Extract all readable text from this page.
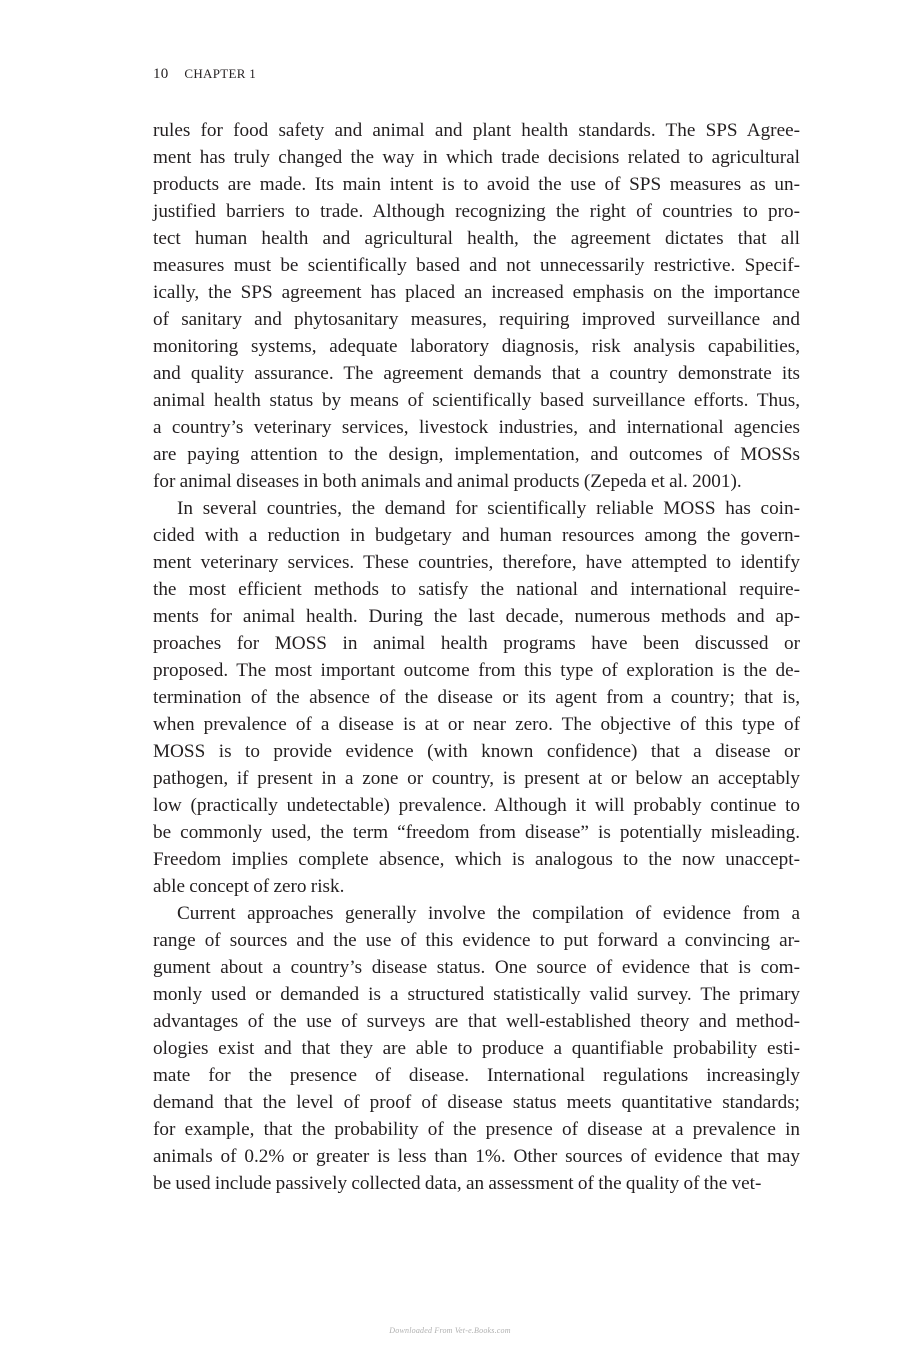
10 CHAPTER 1
rules for food safety and animal and plant health standards. The SPS Agree-
ment has truly changed the way in which trade decisions related to agricultural
products are made. Its main intent is to avoid the use of SPS measures as un-
justified barriers to trade. Although recognizing the right of countries to pro-
tect human health and agricultural health, the agreement dictates that all
measures must be scientifically based and not unnecessarily restrictive. Specif-
ically, the SPS agreement has placed an increased emphasis on the importance
of sanitary and phytosanitary measures, requiring improved surveillance and
monitoring systems, adequate laboratory diagnosis, risk analysis capabilities,
and quality assurance. The agreement demands that a country demonstrate its
animal health status by means of scientifically based surveillance efforts. Thus,
a country’s veterinary services, livestock industries, and international agencies
are paying attention to the design, implementation, and outcomes of MOSSs
for animal diseases in both animals and animal products (Zepeda et al. 2001).
In several countries, the demand for scientifically reliable MOSS has coin-
cided with a reduction in budgetary and human resources among the govern-
ment veterinary services. These countries, therefore, have attempted to identify
the most efficient methods to satisfy the national and international require-
ments for animal health. During the last decade, numerous methods and ap-
proaches for MOSS in animal health programs have been discussed or
proposed. The most important outcome from this type of exploration is the de-
termination of the absence of the disease or its agent from a country; that is,
when prevalence of a disease is at or near zero. The objective of this type of
MOSS is to provide evidence (with known confidence) that a disease or
pathogen, if present in a zone or country, is present at or below an acceptably
low (practically undetectable) prevalence. Although it will probably continue to
be commonly used, the term “freedom from disease” is potentially misleading.
Freedom implies complete absence, which is analogous to the now unaccept-
able concept of zero risk.
Current approaches generally involve the compilation of evidence from a
range of sources and the use of this evidence to put forward a convincing ar-
gument about a country’s disease status. One source of evidence that is com-
monly used or demanded is a structured statistically valid survey. The primary
advantages of the use of surveys are that well-established theory and method-
ologies exist and that they are able to produce a quantifiable probability esti-
mate for the presence of disease. International regulations increasingly
demand that the level of proof of disease status meets quantitative standards;
for example, that the probability of the presence of disease at a prevalence in
animals of 0.2% or greater is less than 1%. Other sources of evidence that may
be used include passively collected data, an assessment of the quality of the vet-
Downloaded From Vet-e.Books.com
